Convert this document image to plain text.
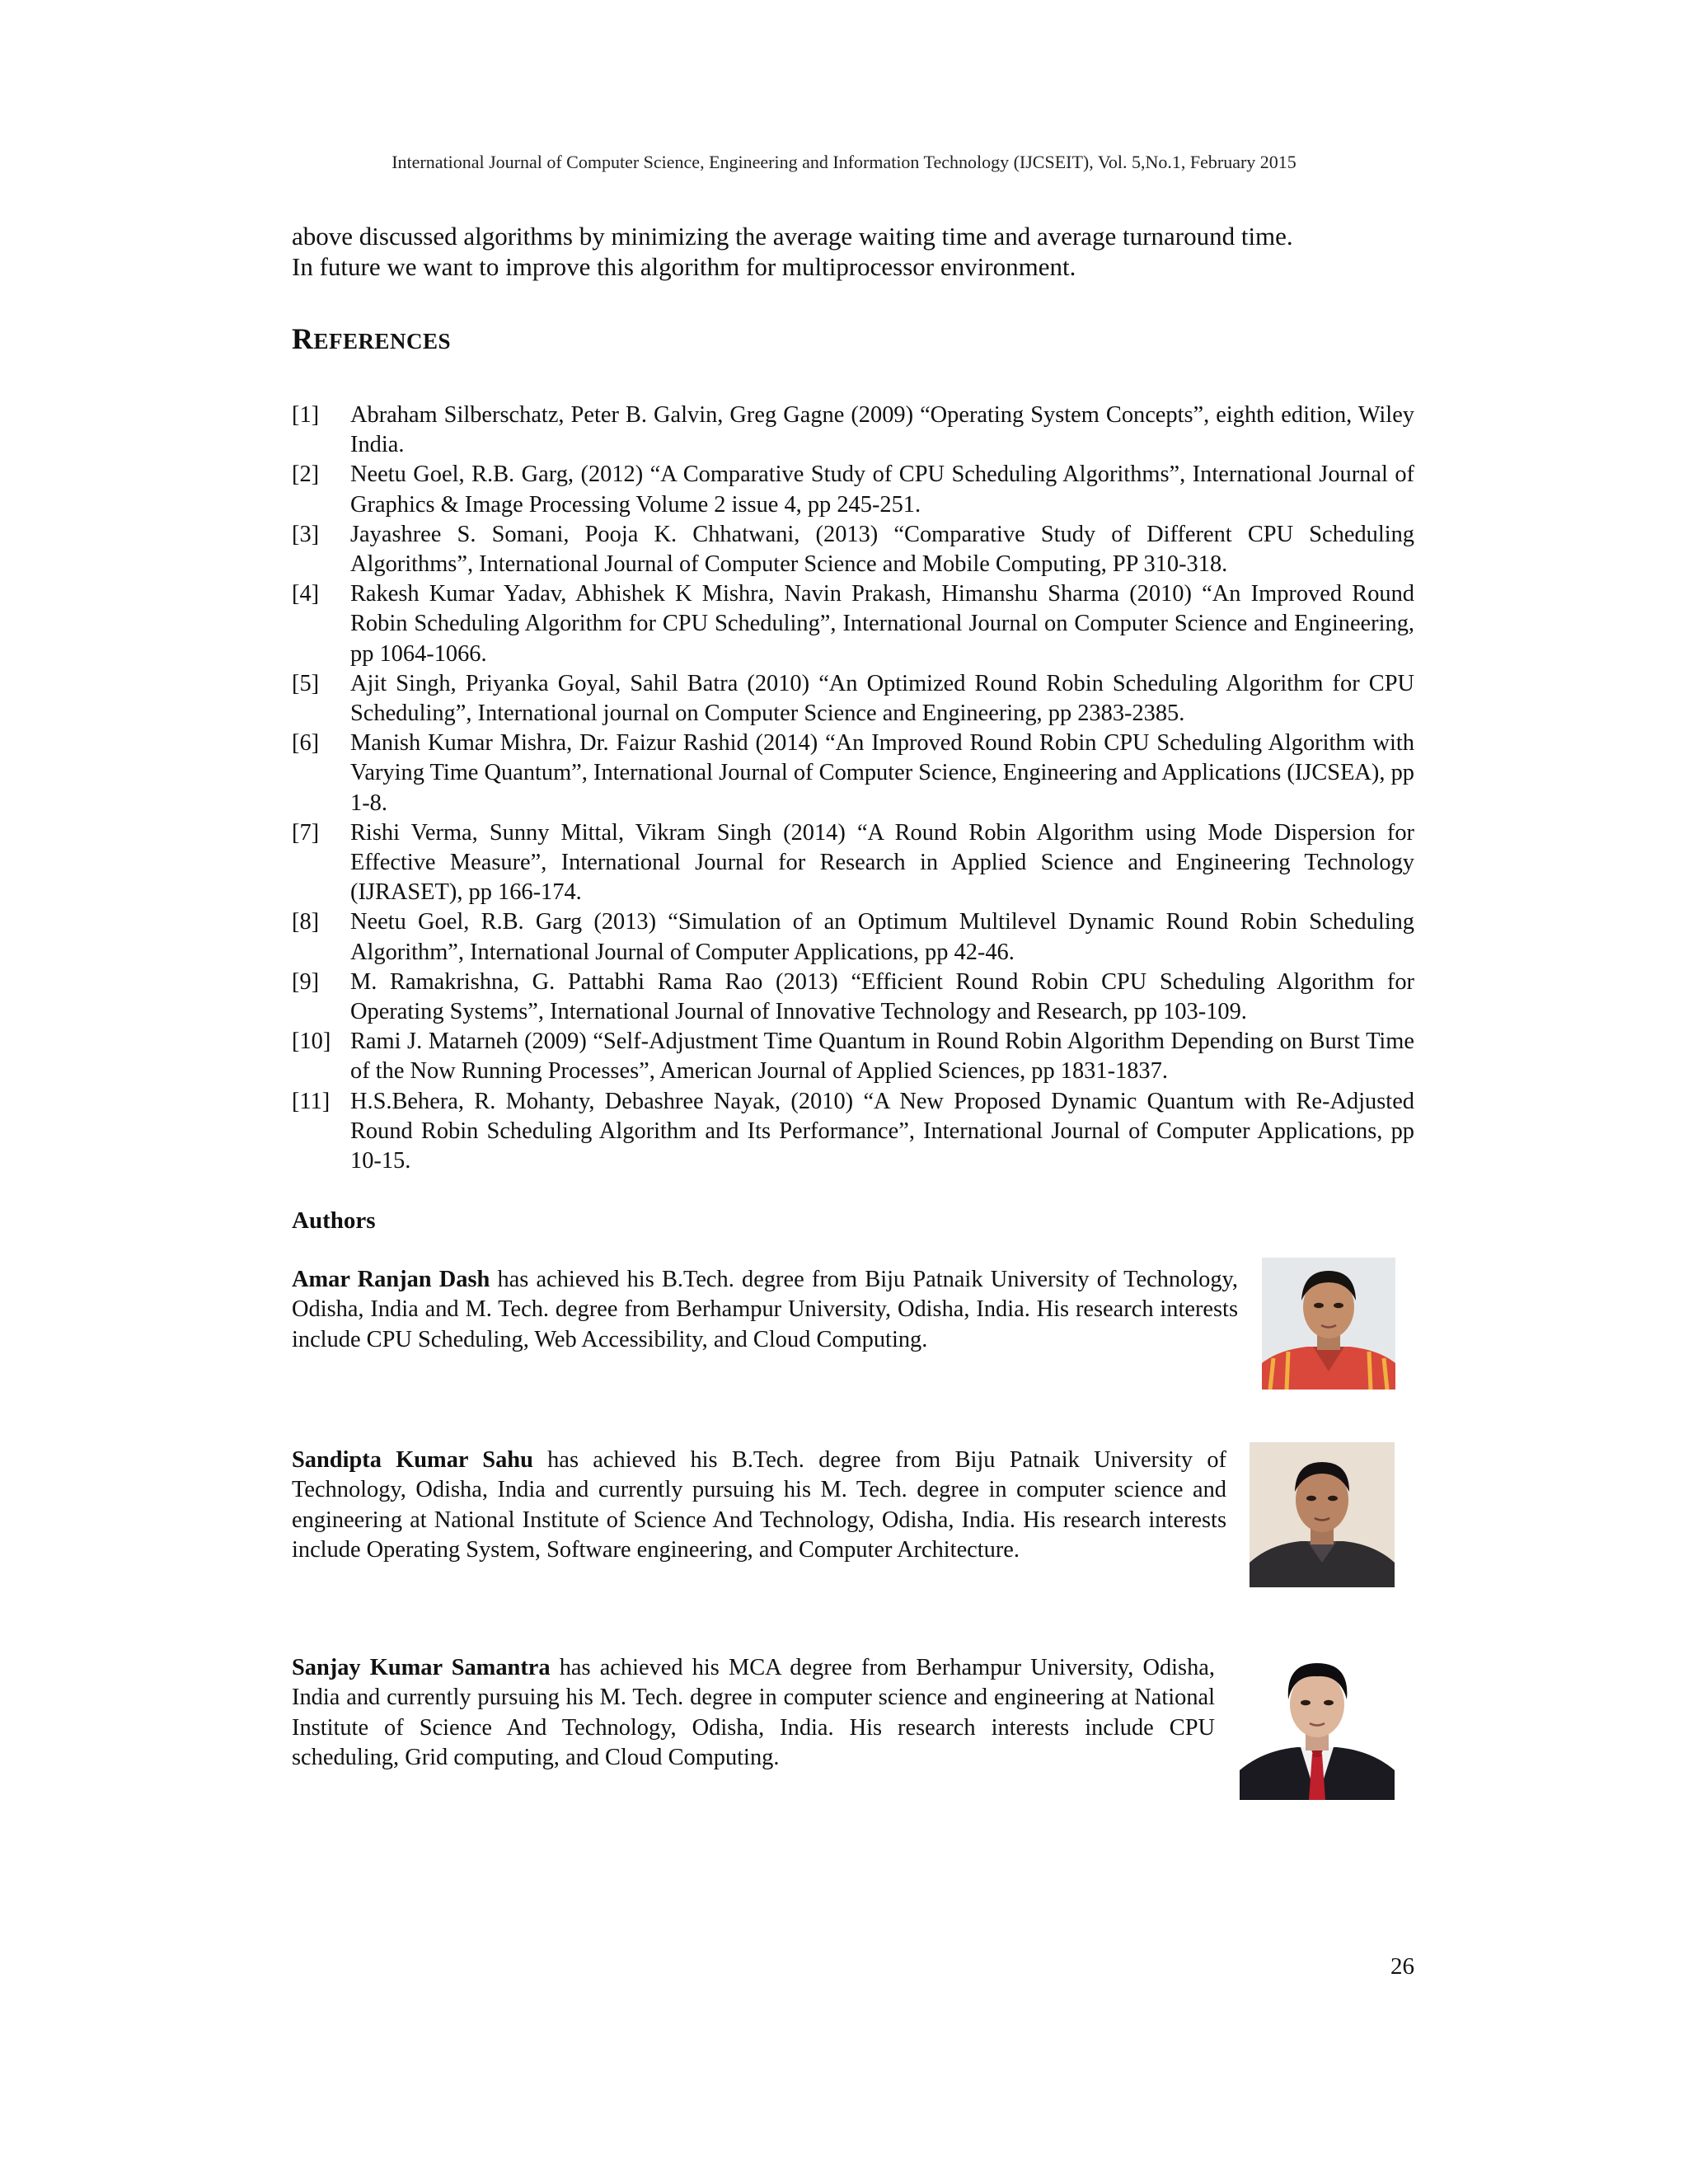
International Journal of Computer Science, Engineering and Information Technology (IJCSEIT), Vol. 5,No.1, February 2015

above discussed algorithms by minimizing the average waiting time and average turnaround time.
In future we want to improve this algorithm for multiprocessor environment.

REFERENCES
[1] Abraham Silberschatz, Peter B. Galvin, Greg Gagne (2009) “Operating System Concepts”, eighth edition, Wiley India.
[2] Neetu Goel, R.B. Garg, (2012) “A Comparative Study of CPU Scheduling Algorithms”, International Journal of Graphics & Image Processing Volume 2 issue 4, pp 245-251.
[3] Jayashree S. Somani, Pooja K. Chhatwani, (2013) “Comparative Study of Different CPU Scheduling Algorithms”, International Journal of Computer Science and Mobile Computing, PP 310-318.
[4] Rakesh Kumar Yadav, Abhishek K Mishra, Navin Prakash, Himanshu Sharma (2010) “An Improved Round Robin Scheduling Algorithm for CPU Scheduling”, International Journal on Computer Science and Engineering, pp 1064-1066.
[5] Ajit Singh, Priyanka Goyal, Sahil Batra (2010) “An Optimized Round Robin Scheduling Algorithm for CPU Scheduling”, International journal on Computer Science and Engineering, pp 2383-2385.
[6] Manish Kumar Mishra, Dr. Faizur Rashid (2014) “An Improved Round Robin CPU Scheduling Algorithm with Varying Time Quantum”, International Journal of Computer Science, Engineering and Applications (IJCSEA), pp 1-8.
[7] Rishi Verma, Sunny Mittal, Vikram Singh (2014) “A Round Robin Algorithm using Mode Dispersion for Effective Measure”, International Journal for Research in Applied Science and Engineering Technology (IJRASET), pp 166-174.
[8] Neetu Goel, R.B. Garg (2013) “Simulation of an Optimum Multilevel Dynamic Round Robin Scheduling Algorithm”, International Journal of Computer Applications, pp 42-46.
[9] M. Ramakrishna, G. Pattabhi Rama Rao (2013) “Efficient Round Robin CPU Scheduling Algorithm for Operating Systems”, International Journal of Innovative Technology and Research, pp 103-109.
[10] Rami J. Matarneh (2009) “Self-Adjustment Time Quantum in Round Robin Algorithm Depending on Burst Time of the Now Running Processes”, American Journal of Applied Sciences, pp 1831-1837.
[11] H.S.Behera, R. Mohanty, Debashree Nayak, (2010) “A New Proposed Dynamic Quantum with Re-Adjusted Round Robin Scheduling Algorithm and Its Performance”, International Journal of Computer Applications, pp 10-15.
Authors

Amar Ranjan Dash has achieved his B.Tech. degree from Biju Patnaik University of Technology, Odisha, India and M. Tech. degree from Berhampur University, Odisha, India. His research interests include CPU Scheduling, Web Accessibility, and Cloud Computing.

Sandipta Kumar Sahu has achieved his B.Tech. degree from Biju Patnaik University of Technology, Odisha, India and currently pursuing his M. Tech. degree in computer science and engineering at National Institute of Science And Technology, Odisha, India. His research interests include Operating System, Software engineering, and Computer Architecture.

Sanjay Kumar Samantra has achieved his MCA degree from Berhampur University, Odisha, India and currently pursuing his M. Tech. degree in computer science and engineering at National Institute of Science And Technology, Odisha, India. His research interests include CPU scheduling, Grid computing, and Cloud Computing.

26
